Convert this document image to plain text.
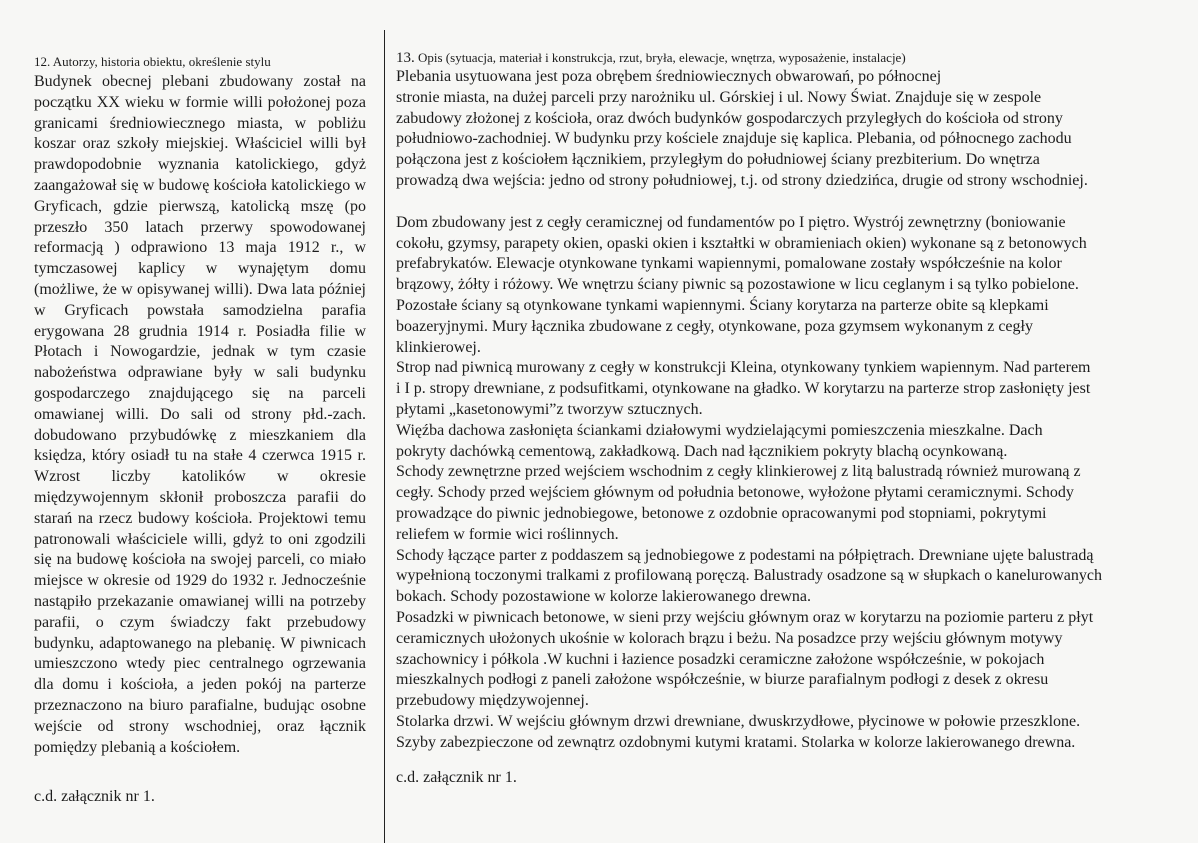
12. Autorzy, historia obiektu, określenie stylu

Budynek obecnej plebani zbudowany został na początku XX wieku w formie willi położonej poza granicami średniowiecznego miasta, w pobliżu koszar oraz szkoły miejskiej. Właściciel willi był prawdopodobnie wyznania katolickiego, gdyż zaangażował się w budowę kościoła katolickiego w Gryficach, gdzie pierwszą, katolicką mszę (po przeszło 350 latach przerwy spowodowanej reformacją ) odprawiono 13 maja 1912 r., w tymczasowej kaplicy w wynajętym domu (możliwe, że w opisywanej willi). Dwa lata później w Gryficach powstała samodzielna parafia erygowana 28 grudnia 1914 r. Posiadła filie w Płotach i Nowogardzie, jednak w tym czasie nabożeństwa odprawiane były w sali budynku gospodarczego znajdującego się na parceli omawianej willi. Do sali od strony płd.-zach. dobudowano przybudówkę z mieszkaniem dla księdza, który osiadł tu na stałe 4 czerwca 1915 r. Wzrost liczby katolików w okresie międzywojennym skłonił proboszcza parafii do starań na rzecz budowy kościoła. Projektowi temu patronowali właściciele willi, gdyż to oni zgodzili się na budowę kościoła na swojej parceli, co miało miejsce w okresie od 1929 do 1932 r. Jednocześnie nastąpiło przekazanie omawianej willi na potrzeby parafii, o czym świadczy fakt przebudowy budynku, adaptowanego na plebanię. W piwnicach umieszczono wtedy piec centralnego ogrzewania dla domu i kościoła, a jeden pokój na parterze przeznaczono na biuro parafialne, budując osobne wejście od strony wschodniej, oraz łącznik pomiędzy plebanią a kościołem.

c.d. załącznik nr 1.
13. Opis (sytuacja, materiał i konstrukcja, rzut, bryła, elewacje, wnętrza, wyposażenie, instalacje)
Plebania usytuowana jest poza obrębem średniowiecznych obwarowań, po północnej
stronie miasta, na dużej parceli przy narożniku ul. Górskiej i ul. Nowy Świat. Znajduje się w zespole
zabudowy złożonej z kościoła, oraz dwóch budynków gospodarczych przyległych do kościoła od strony
południowo-zachodniej. W budynku przy kościele znajduje się kaplica. Plebania, od północnego zachodu
połączona jest z kościołem łącznikiem, przyległym do południowej ściany prezbiterium. Do wnętrza
prowadzą dwa wejścia: jedno od strony południowej, t.j. od strony dziedzińca, drugie od strony wschodniej.
Dom zbudowany jest z cegły ceramicznej od fundamentów po I piętro. Wystrój zewnętrzny (boniowanie
cokołu, gzymsy, parapety okien, opaski okien i kształtki w obramieniach okien) wykonane są z betonowych
prefabrykatów. Elewacje otynkowane tynkami wapiennymi, pomalowane zostały współcześnie na kolor
brązowy, żółty i różowy. We wnętrzu ściany piwnic są pozostawione w licu ceglanym i są tylko pobielone.
Pozostałe ściany są otynkowane tynkami wapiennymi. Ściany korytarza na parterze obite są klepkami
boazeryjnymi. Mury łącznika zbudowane z cegły, otynkowane, poza gzymsem wykonanym z cegły
klinkierowej.
Strop nad piwnicą murowany z cegły w konstrukcji Kleina, otynkowany tynkiem wapiennym. Nad parterem
i I p. stropy drewniane, z podsufitkami, otynkowane na gładko. W korytarzu na parterze strop zasłonięty jest
płytami „kasetonowymi”z tworzyw sztucznych.
Więźba dachowa zasłonięta ściankami działowymi wydzielającymi pomieszczenia mieszkalne. Dach
pokryty dachówką cementową, zakładkową. Dach nad łącznikiem pokryty blachą ocynkowaną.
Schody zewnętrzne przed wejściem wschodnim z cegły klinkierowej z litą balustradą również murowaną z
cegły. Schody przed wejściem głównym od południa betonowe, wyłożone płytami ceramicznymi. Schody
prowadzące do piwnic jednobiegowe, betonowe z ozdobnie opracowanymi pod stopniami, pokrytymi
reliefem w formie wici roślinnych.
Schody łączące parter z poddaszem są jednobiegowe z podestami na półpiętrach. Drewniane ujęte balustradą
wypełnioną toczonymi tralkami z profilowaną poręczą. Balustrady osadzone są w słupkach o kanelurowanych
bokach. Schody pozostawione w kolorze lakierowanego drewna.
Posadzki w piwnicach betonowe, w sieni przy wejściu głównym oraz w korytarzu na poziomie parteru z płyt
ceramicznych ułożonych ukośnie w kolorach brązu i beżu. Na posadzce przy wejściu głównym motywy
szachownicy i półkola .W kuchni i łazience posadzki ceramiczne założone współcześnie, w pokojach
mieszkalnych podłogi z paneli założone współcześnie, w biurze parafialnym podłogi z desek z okresu
przebudowy międzywojennej.
Stolarka drzwi. W wejściu głównym drzwi drewniane, dwuskrzydłowe, płycinowe w połowie przeszklone.
Szyby zabezpieczone od zewnątrz ozdobnymi kutymi kratami. Stolarka w kolorze lakierowanego drewna.
c.d. załącznik nr 1.
